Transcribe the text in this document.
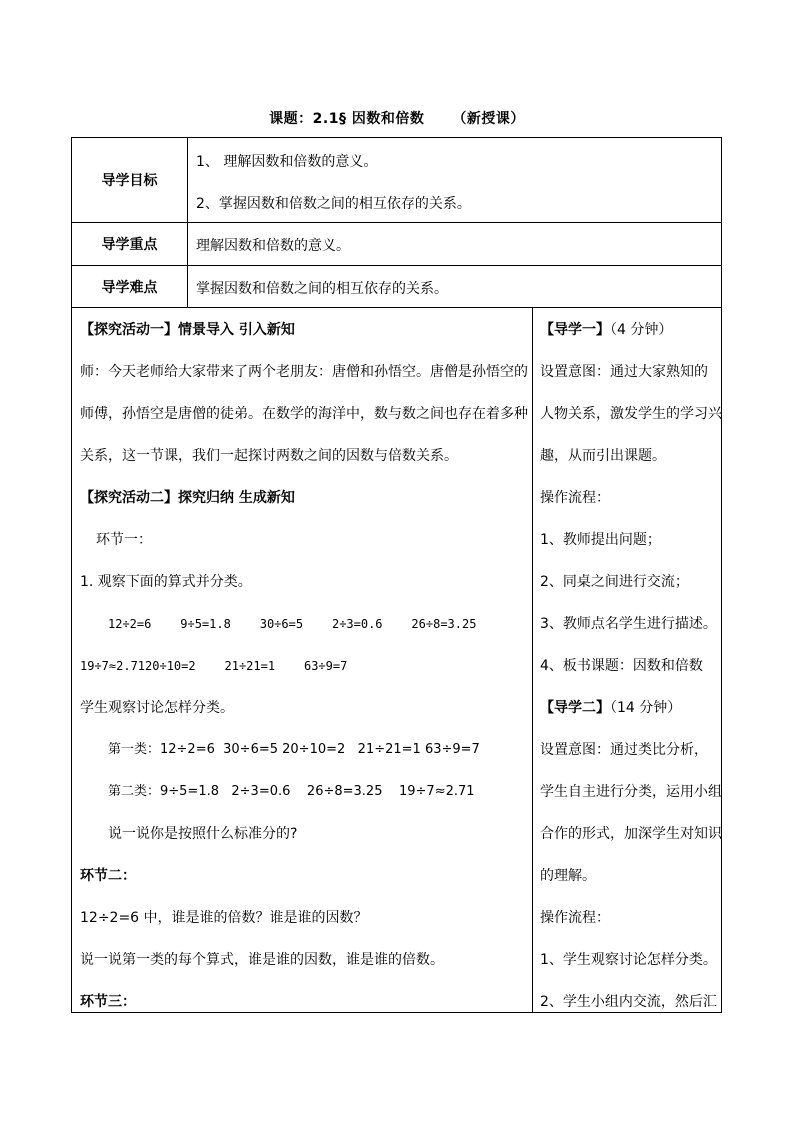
课题：2.1§ 因数和倍数 （新授课）
导学目标
1、 理解因数和倍数的意义。
2、掌握因数和倍数之间的相互依存的关系。
导学重点	理解因数和倍数的意义。
导学难点	掌握因数和倍数之间的相互依存的关系。
【探究活动一】情景导入 引入新知
师：今天老师给大家带来了两个老朋友：唐僧和孙悟空。唐僧是孙悟空的
师傅，孙悟空是唐僧的徒弟。在数学的海洋中，数与数之间也存在着多种
关系，这一节课，我们一起探讨两数之间的因数与倍数关系。
【探究活动二】探究归纳 生成新知
环节一：
1. 观察下面的算式并分类。
12÷2=6    9÷5=1.8    30÷6=5    2÷3=0.6    26÷8=3.25
19÷7≈2.7120÷10=2    21÷21=1    63÷9=7
学生观察讨论怎样分类。
第一类：12÷2=6  30÷6=5 20÷10=2   21÷21=1 63÷9=7
第二类：9÷5=1.8   2÷3=0.6    26÷8=3.25    19÷7≈2.71
说一说你是按照什么标准分的?
环节二：
12÷2=6 中，谁是谁的倍数？谁是谁的因数？
说一说第一类的每个算式，谁是谁的因数，谁是谁的倍数。
环节三：
【导学一】（4 分钟）
设置意图：通过大家熟知的
人物关系，激发学生的学习兴
趣，从而引出课题。
操作流程：
1、教师提出问题；
2、同桌之间进行交流；
3、教师点名学生进行描述。
4、板书课题：因数和倍数
【导学二】（14 分钟）
设置意图：通过类比分析，
学生自主进行分类，运用小组
合作的形式，加深学生对知识
的理解。
操作流程：
1、学生观察讨论怎样分类。
2、学生小组内交流，然后汇
